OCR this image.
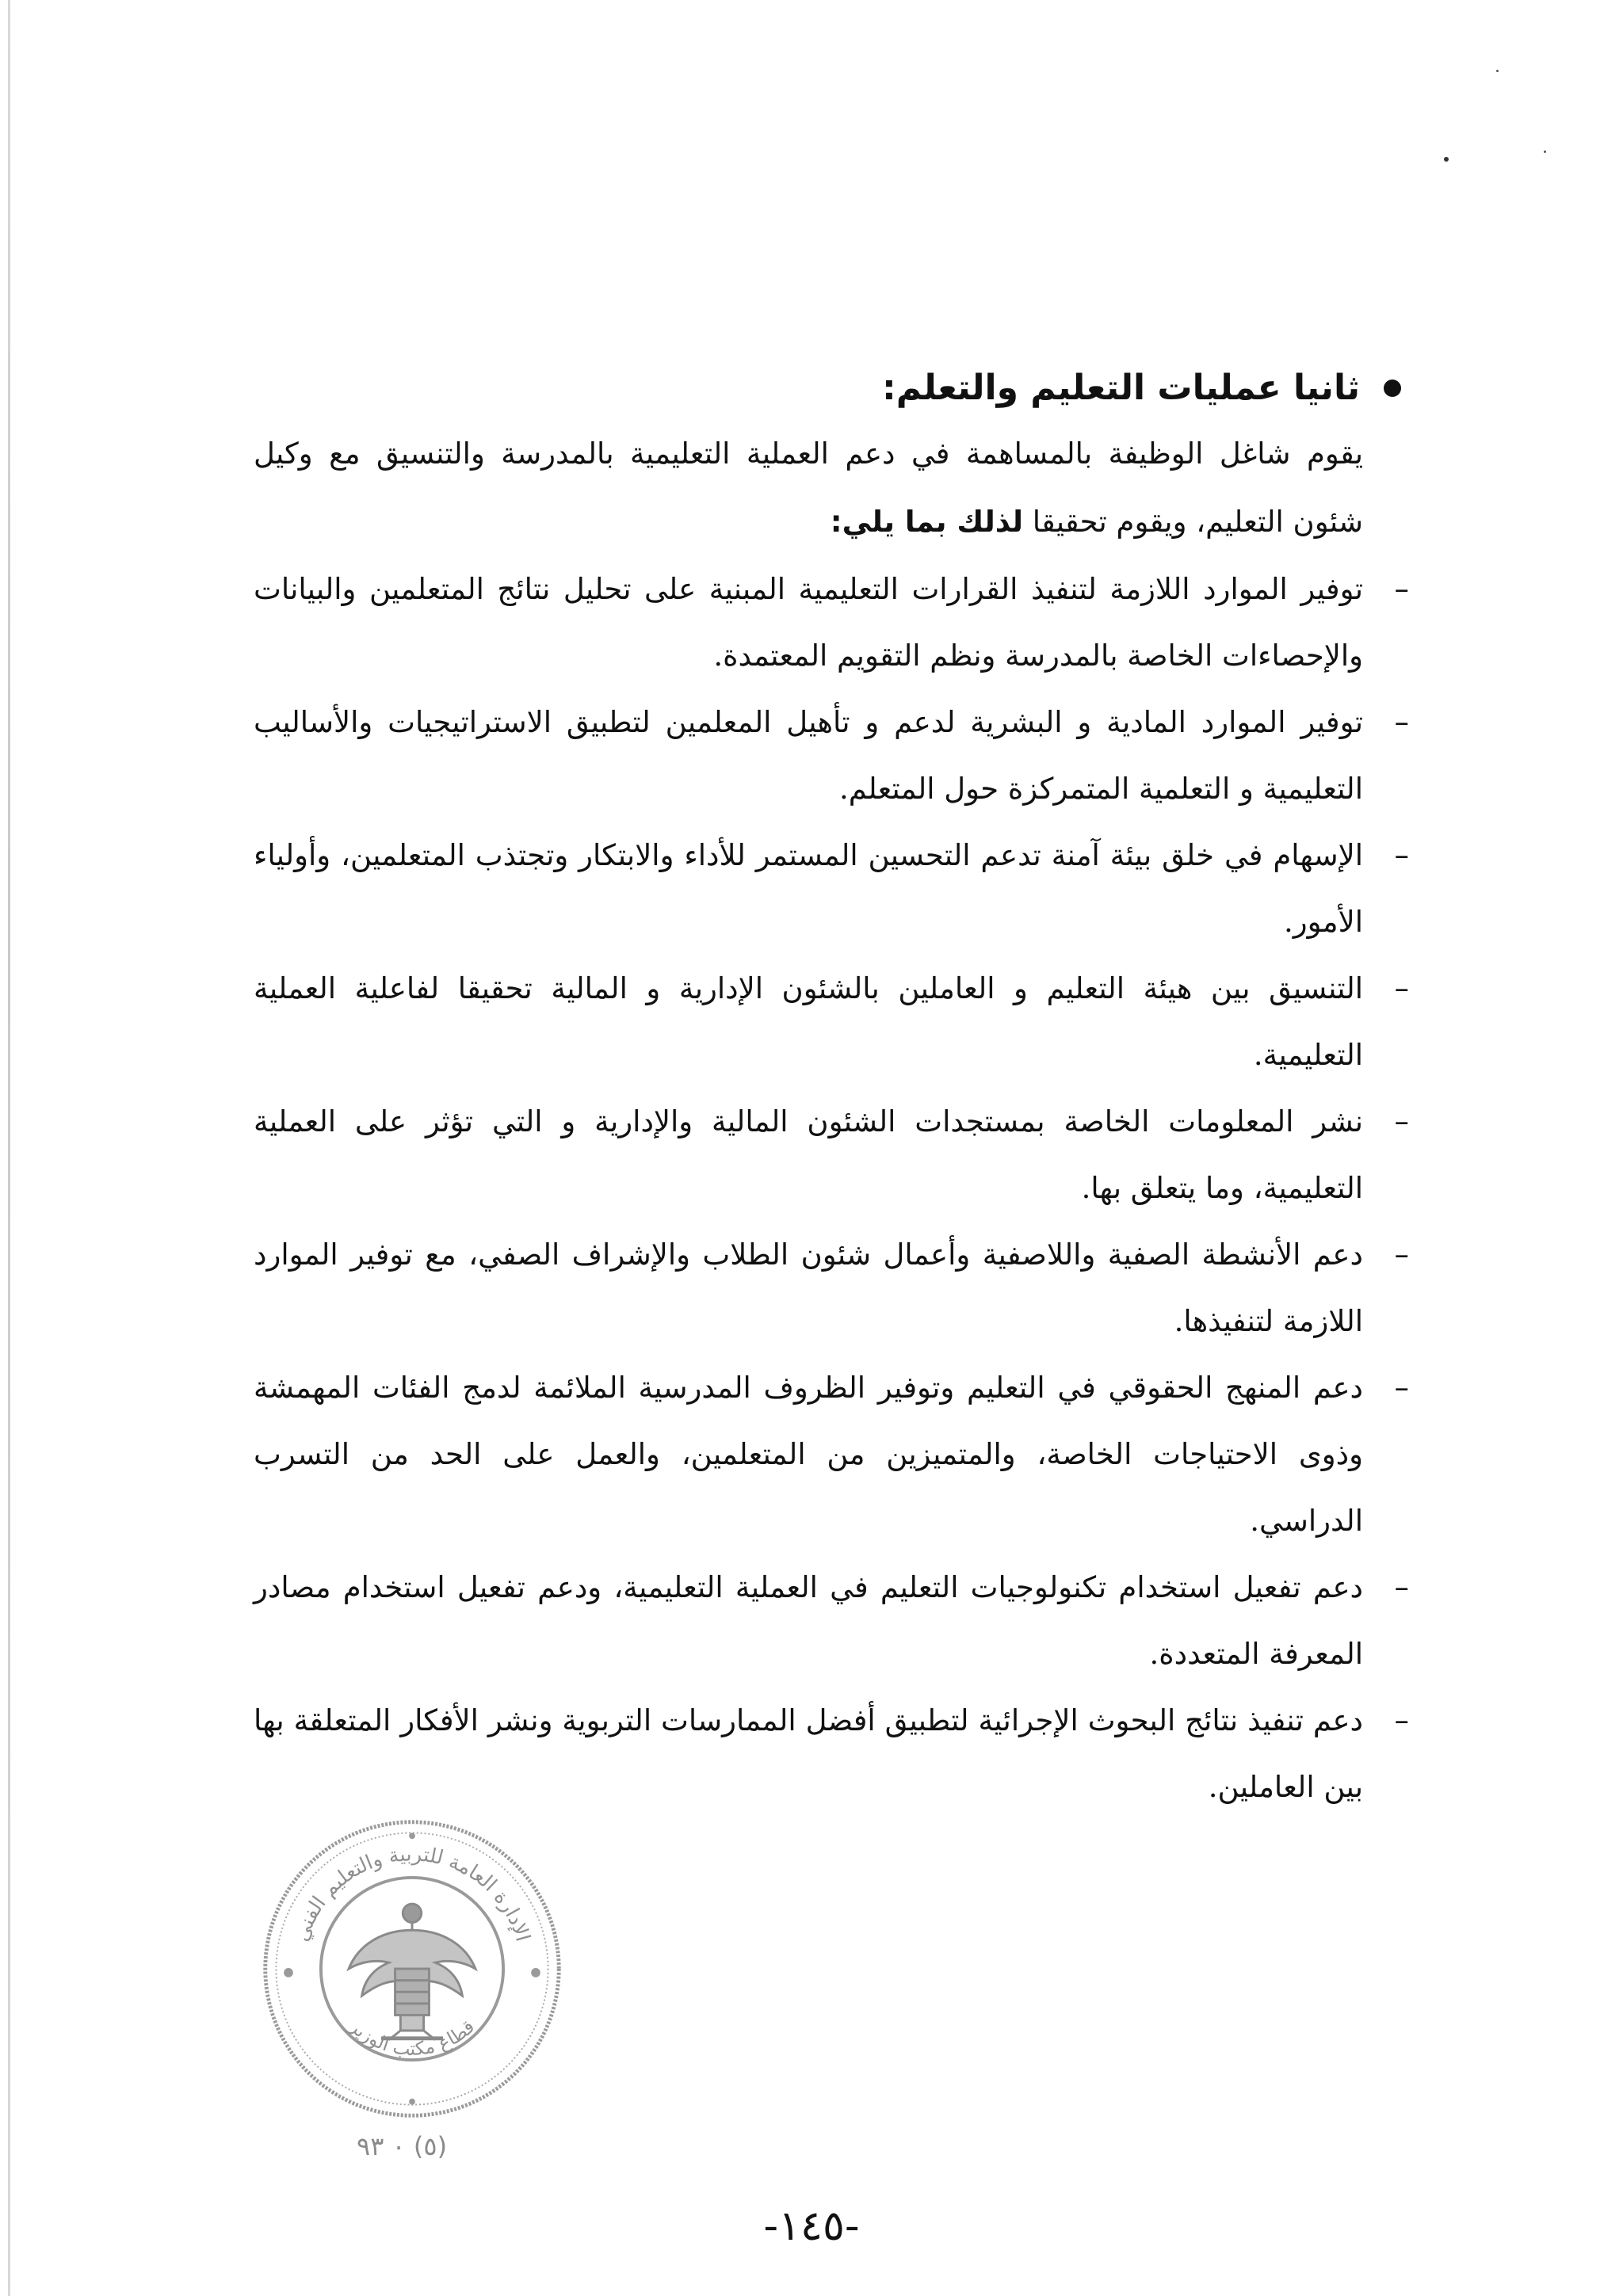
ثانيا عمليات التعليم والتعلم:

يقوم شاغل الوظيفة بالمساهمة في دعم العملية التعليمية بالمدرسة والتنسيق مع وكيل شئون التعليم، ويقوم تحقيقا لذلك بما يلي:

–
توفير الموارد اللازمة لتنفيذ القرارات التعليمية المبنية على تحليل نتائج المتعلمين والبيانات والإحصاءات الخاصة بالمدرسة ونظم التقويم المعتمدة.
–
توفير الموارد المادية و البشرية لدعم و تأهيل المعلمين لتطبيق الاستراتيجيات والأساليب التعليمية و التعلمية المتمركزة حول المتعلم.
–
الإسهام في خلق بيئة آمنة تدعم التحسين المستمر للأداء والابتكار وتجتذب المتعلمين، وأولياء الأمور.
–
التنسيق بين هيئة التعليم و العاملين بالشئون الإدارية و المالية تحقيقا لفاعلية العملية التعليمية.
–
نشر المعلومات الخاصة بمستجدات الشئون المالية والإدارية و التي تؤثر على العملية التعليمية، وما يتعلق بها.
–
دعم الأنشطة الصفية واللاصفية وأعمال شئون الطلاب والإشراف الصفي، مع توفير الموارد اللازمة لتنفيذها.
–
دعم المنهج الحقوقي في التعليم وتوفير الظروف المدرسية الملائمة لدمج الفئات المهمشة وذوى الاحتياجات الخاصة، والمتميزين من المتعلمين، والعمل على الحد من التسرب الدراسي.
–
دعم تفعيل استخدام تكنولوجيات التعليم في العملية التعليمية، ودعم تفعيل استخدام مصادر المعرفة المتعددة.
–
دعم تنفيذ نتائج البحوث الإجرائية لتطبيق أفضل الممارسات التربوية ونشر الأفكار المتعلقة بها بين العاملين.
الإدارة العامة للتربية والتعليم الفني
قطاع مكتب الوزير
(٥) ٠ ٩٣
-١٤٥-
